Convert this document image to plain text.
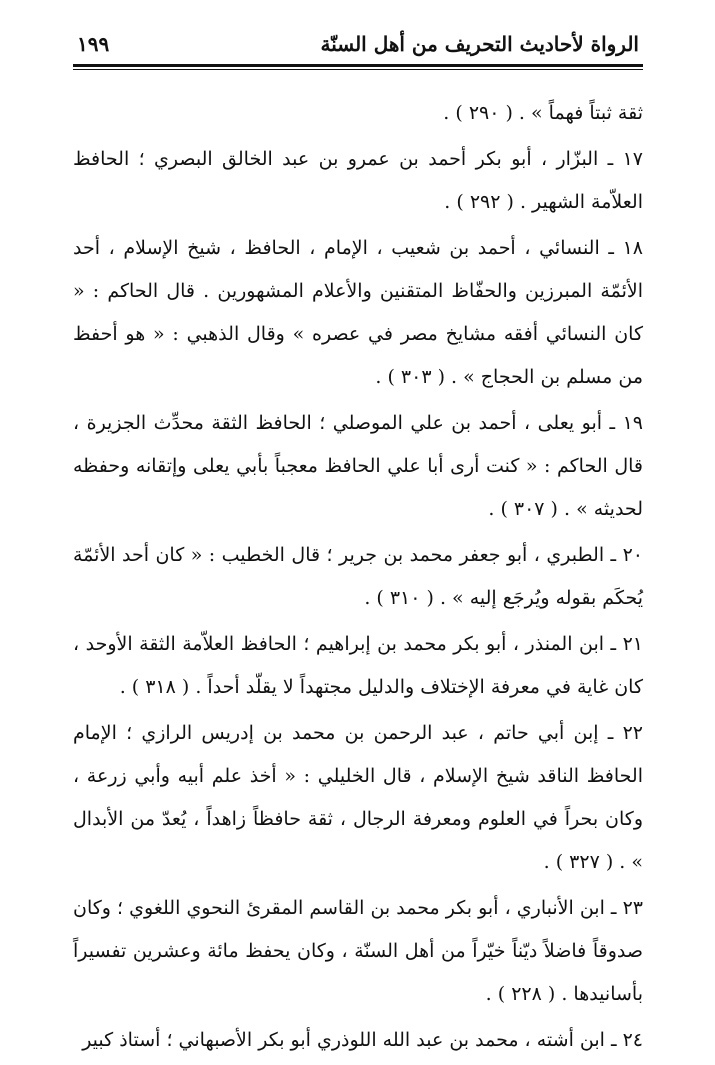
الرواة لأحاديث التحريف من أهل السنّة
١٩٩

ثقة ثبتاً فهماً » . ( ٢٩٠ ) .

١٧ ـ البزّار ، أبو بكر أحمد بن عمرو بن عبد الخالق البصري ؛ الحافظ العلاّمة الشهير . ( ٢٩٢ ) .

١٨ ـ النسائي ، أحمد بن شعيب ، الإمام ، الحافظ ، شيخ الإسلام ، أحد الأئمّة المبرزين والحفّاظ المتقنين والأعلام المشهورين . قال الحاكم : « كان النسائي أفقه مشايخ مصر في عصره » وقال الذهبي : « هو أحفظ من مسلم بن الحجاج » . ( ٣٠٣ ) .

١٩ ـ أبو يعلى ، أحمد بن علي الموصلي ؛ الحافظ الثقة محدِّث الجزيرة ، قال الحاكم : « كنت أرى أبا علي الحافظ معجباً بأبي يعلى وإتقانه وحفظه لحديثه » . ( ٣٠٧ ) .

٢٠ ـ الطبري ، أبو جعفر محمد بن جرير ؛ قال الخطيب : « كان أحد الأئمّة يُحكَم بقوله ويُرجَع إليه » . ( ٣١٠ ) .

٢١ ـ ابن المنذر ، أبو بكر محمد بن إبراهيم ؛ الحافظ العلاّمة الثقة الأوحد ، كان غاية في معرفة الإختلاف والدليل مجتهداً لا يقلّد أحداً . ( ٣١٨ ) .

٢٢ ـ إبن أبي حاتم ، عبد الرحمن بن محمد بن إدريس الرازي ؛ الإمام الحافظ الناقد شيخ الإسلام ، قال الخليلي : « أخذ علم أبيه وأبي زرعة ، وكان بحراً في العلوم ومعرفة الرجال ، ثقة حافظاً زاهداً ، يُعدّ من الأبدال » . ( ٣٢٧ ) .

٢٣ ـ ابن الأنباري ، أبو بكر محمد بن القاسم المقرئ النحوي اللغوي ؛ وكان صدوقاً فاضلاً ديّناً خيّراً من أهل السنّة ، وكان يحفظ مائة وعشرين تفسيراً بأسانيدها . ( ٢٢٨ ) .

٢٤ ـ ابن أشته ، محمد بن عبد الله اللوذري أبو بكر الأصبهاني ؛ أستاذ كبير
